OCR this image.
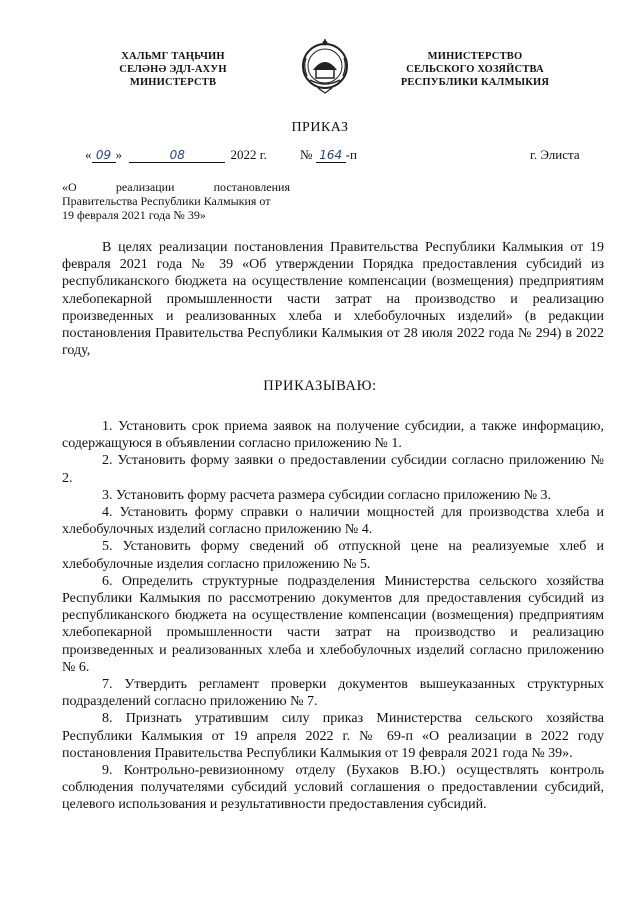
ХАЛЬМГ ТАҢЬЧИН
СЕЛӘНӘ ЭДЛ-АХУН
МИНИСТЕРСТВ
МИНИСТЕРСТВО
СЕЛЬСКОГО ХОЗЯЙСТВА
РЕСПУБЛИКИ КАЛМЫКИЯ
ПРИКАЗ
« 09 »	08	2022 г.	№ 164 -п	г. Элиста
«О	реализации	постановления
Правительства Республики Калмыкия от
19 февраля 2021 года № 39»

В целях реализации постановления Правительства Республики Калмыкия от 19 февраля 2021 года № 39 «Об утверждении Порядка предоставления субсидий из республиканского бюджета на осуществление компенсации (возмещения) предприятиям хлебопекарной промышленности части затрат на производство и реализацию произведенных и реализованных хлеба и хлебобулочных изделий» (в редакции постановления Правительства Республики Калмыкия от 28 июля 2022 года № 294) в 2022 году,

ПРИКАЗЫВАЮ:

1. Установить срок приема заявок на получение субсидии, а также информацию, содержащуюся в объявлении согласно приложению № 1.

2. Установить форму заявки о предоставлении субсидии согласно приложению № 2.

3. Установить форму расчета размера субсидии согласно приложению № 3.

4. Установить форму справки о наличии мощностей для производства хлеба и хлебобулочных изделий согласно приложению № 4.

5. Установить форму сведений об отпускной цене на реализуемые хлеб и хлебобулочные изделия согласно приложению № 5.

6. Определить структурные подразделения Министерства сельского хозяйства Республики Калмыкия по рассмотрению документов для предоставления субсидий из республиканского бюджета на осуществление компенсации (возмещения) предприятиям хлебопекарной промышленности части затрат на производство и реализацию произведенных и реализованных хлеба и хлебобулочных изделий согласно приложению № 6.

7. Утвердить регламент проверки документов вышеуказанных структурных подразделений согласно приложению № 7.

8. Признать утратившим силу приказ Министерства сельского хозяйства Республики Калмыкия от 19 апреля 2022 г. № 69-п «О реализации в 2022 году постановления Правительства Республики Калмыкия от 19 февраля 2021 года № 39».

9. Контрольно-ревизионному отделу (Бухаков В.Ю.) осуществлять контроль соблюдения получателями субсидий условий соглашения о предоставлении субсидий, целевого использования и результативности предоставления субсидий.
